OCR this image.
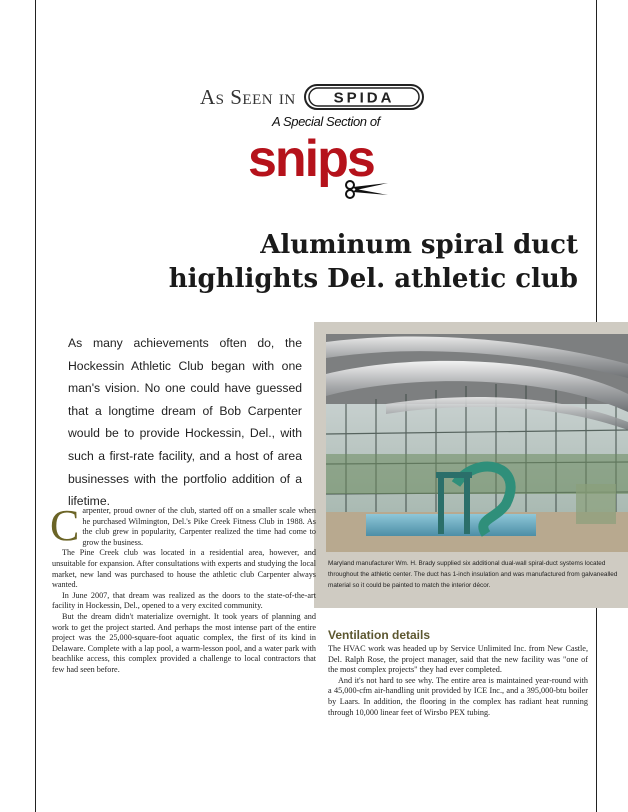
As Seen in	SPIDA
A Special Section of
snips
Aluminum spiral duct highlights Del. athletic club

As many achievements often do, the Hockessin Athletic Club began with one man's vision. No one could have guessed that a longtime dream of Bob Carpenter would be to provide Hockessin, Del., with such a first-rate facility, and a host of area businesses with the portfolio addition of a lifetime.

Maryland manufacturer Wm. H. Brady supplied six additional dual-wall spiral-duct systems located throughout the athletic center. The duct has 1-inch insulation and was manufactured from galvanealled material so it could be painted to match the interior décor.

Carpenter, proud owner of the club, started off on a smaller scale when he purchased Wilmington, Del.'s Pike Creek Fitness Club in 1988. As the club grew in popularity, Carpenter realized the time had come to grow the business.

The Pine Creek club was located in a residential area, however, and unsuitable for expansion. After consultations with experts and studying the local market, new land was purchased to house the athletic club Carpenter always wanted.

In June 2007, that dream was realized as the doors to the state-of-the-art facility in Hockessin, Del., opened to a very excited community.

But the dream didn't materialize overnight. It took years of planning and work to get the project started. And perhaps the most intense part of the entire project was the 25,000-square-foot aquatic complex, the first of its kind in Delaware. Complete with a lap pool, a warm-lesson pool, and a water park with beachlike access, this complex provided a challenge to local contractors that few had seen before.

Ventilation details

The HVAC work was headed up by Service Unlimited Inc. from New Castle, Del. Ralph Rose, the project manager, said that the new facility was "one of the most complex projects" they had ever completed.

And it's not hard to see why. The entire area is maintained year-round with a 45,000-cfm air-handling unit provided by ICE Inc., and a 395,000-btu boiler by Laars. In addition, the flooring in the complex has radiant heat running through 10,000 linear feet of Wirsbo PEX tubing.
